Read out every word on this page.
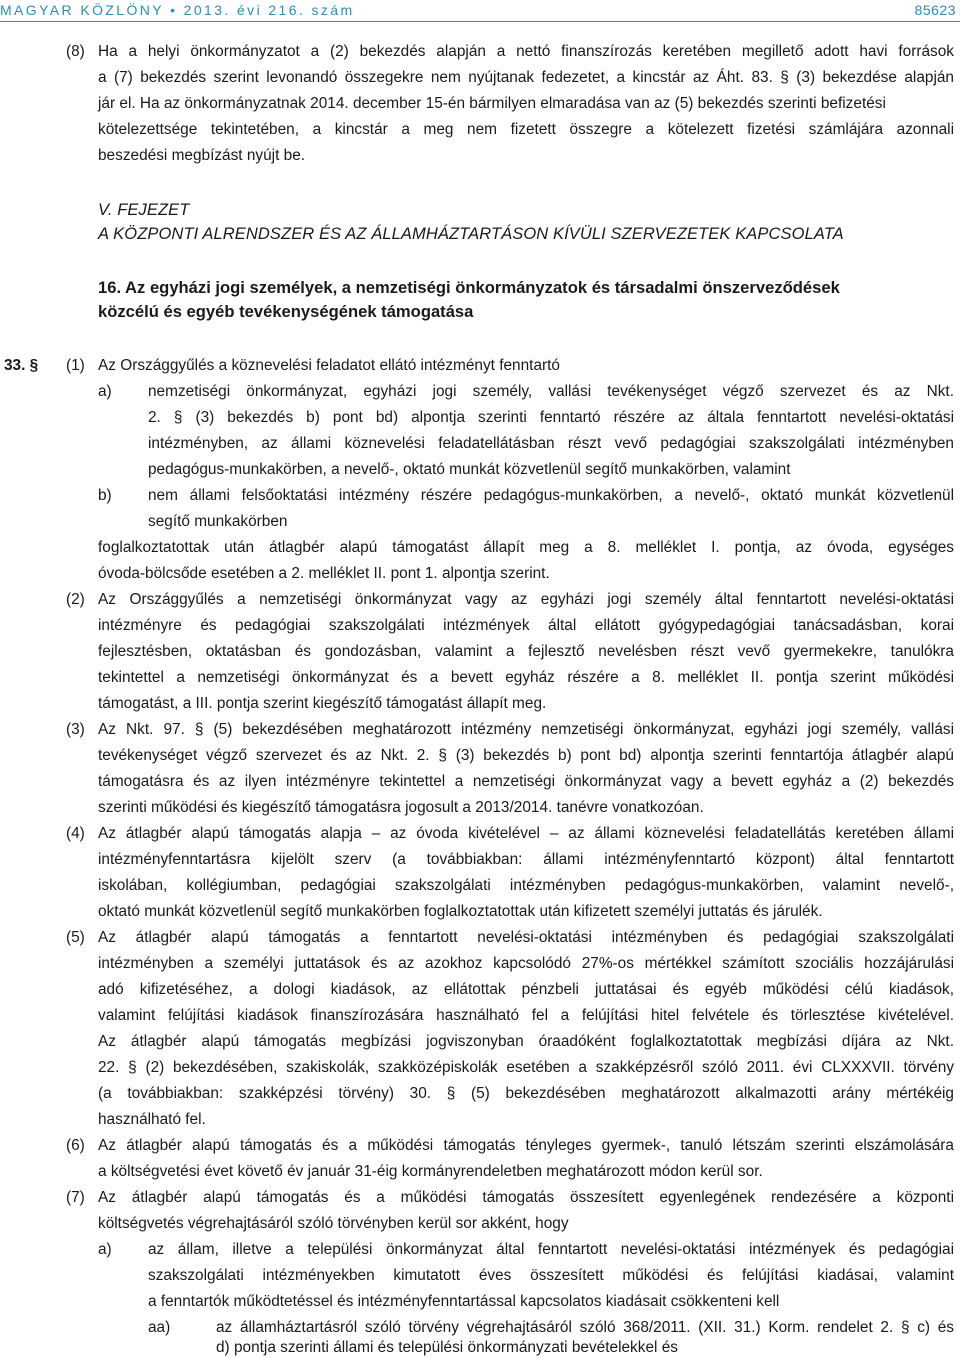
MAGYAR KÖZLÖNY • 2013. évi 216. szám	85623
(8) Ha a helyi önkormányzatot a (2) bekezdés alapján a nettó finanszírozás keretében megillető adott havi források
a (7) bekezdés szerint levonandó összegekre nem nyújtanak fedezetet, a kincstár az Áht. 83. § (3) bekezdése alapján
jár el. Ha az önkormányzatnak 2014. december 15-én bármilyen elmaradása van az (5) bekezdés szerinti befizetési
kötelezettsége tekintetében, a kincstár a meg nem fizetett összegre a kötelezett fizetési számlájára azonnali
beszedési megbízást nyújt be.
V. FEJEZET
A KÖZPONTI ALRENDSZER ÉS AZ ÁLLAMHÁZTARTÁSON KÍVÜLI SZERVEZETEK KAPCSOLATA
16. Az egyházi jogi személyek, a nemzetiségi önkormányzatok és társadalmi önszerveződések
közcélú és egyéb tevékenységének támogatása
33. § (1) Az Országgyűlés a köznevelési feladatot ellátó intézményt fenntartó
a) nemzetiségi önkormányzat, egyházi jogi személy, vallási tevékenységet végző szervezet és az Nkt.
2. § (3) bekezdés b) pont bd) alpontja szerinti fenntartó részére az általa fenntartott nevelési-oktatási
intézményben, az állami köznevelési feladatellátásban részt vevő pedagógiai szakszolgálati intézményben
pedagógus-munkakörben, a nevelő-, oktató munkát közvetlenül segítő munkakörben, valamint
b) nem állami felsőoktatási intézmény részére pedagógus-munkakörben, a nevelő-, oktató munkát közvetlenül
segítő munkakörben
foglalkoztatottak után átlagbér alapú támogatást állapít meg a 8. melléklet I. pontja, az óvoda, egységes
óvoda-bölcsőde esetében a 2. melléklet II. pont 1. alpontja szerint.
(2) Az Országgyűlés a nemzetiségi önkormányzat vagy az egyházi jogi személy által fenntartott nevelési-oktatási
intézményre és pedagógiai szakszolgálati intézmények által ellátott gyógypedagógiai tanácsadásban, korai
fejlesztésben, oktatásban és gondozásban, valamint a fejlesztő nevelésben részt vevő gyermekekre, tanulókra
tekintettel a nemzetiségi önkormányzat és a bevett egyház részére a 8. melléklet II. pontja szerint működési
támogatást, a III. pontja szerint kiegészítő támogatást állapít meg.
(3) Az Nkt. 97. § (5) bekezdésében meghatározott intézmény nemzetiségi önkormányzat, egyházi jogi személy, vallási
tevékenységet végző szervezet és az Nkt. 2. § (3) bekezdés b) pont bd) alpontja szerinti fenntartója átlagbér alapú
támogatásra és az ilyen intézményre tekintettel a nemzetiségi önkormányzat vagy a bevett egyház a (2) bekezdés
szerinti működési és kiegészítő támogatásra jogosult a 2013/2014. tanévre vonatkozóan.
(4) Az átlagbér alapú támogatás alapja – az óvoda kivételével – az állami köznevelési feladatellátás keretében állami
intézményfenntartásra kijelölt szerv (a továbbiakban: állami intézményfenntartó központ) által fenntartott
iskolában, kollégiumban, pedagógiai szakszolgálati intézményben pedagógus-munkakörben, valamint nevelő-,
oktató munkát közvetlenül segítő munkakörben foglalkoztatottak után kifizetett személyi juttatás és járulék.
(5) Az átlagbér alapú támogatás a fenntartott nevelési-oktatási intézményben és pedagógiai szakszolgálati
intézményben a személyi juttatások és az azokhoz kapcsolódó 27%-os mértékkel számított szociális hozzájárulási
adó kifizetéséhez, a dologi kiadások, az ellátottak pénzbeli juttatásai és egyéb működési célú kiadások,
valamint felújítási kiadások finanszírozására használható fel a felújítási hitel felvétele és törlesztése kivételével.
Az átlagbér alapú támogatás megbízási jogviszonyban óraadóként foglalkoztatottak megbízási díjára az Nkt.
22. § (2) bekezdésében, szakiskolák, szakközépiskolák esetében a szakképzésről szóló 2011. évi CLXXXVII. törvény
(a továbbiakban: szakképzési törvény) 30. § (5) bekezdésében meghatározott alkalmazotti arány mértékéig
használható fel.
(6) Az átlagbér alapú támogatás és a működési támogatás tényleges gyermek-, tanuló létszám szerinti elszámolására
a költségvetési évet követő év január 31-éig kormányrendeletben meghatározott módon kerül sor.
(7) Az átlagbér alapú támogatás és a működési támogatás összesített egyenlegének rendezésére a központi
költségvetés végrehajtásáról szóló törvényben kerül sor akként, hogy
a) az állam, illetve a települési önkormányzat által fenntartott nevelési-oktatási intézmények és pedagógiai
szakszolgálati intézményekben kimutatott éves összesített működési és felújítási kiadásai, valamint
a fenntartók működtetéssel és intézményfenntartással kapcsolatos kiadásait csökkenteni kell
aa)	az államháztartásról szóló törvény végrehajtásáról szóló 368/2011. (XII. 31.) Korm. rendelet 2. § c) és
d) pontja szerinti állami és települési önkormányzati bevételekkel és
